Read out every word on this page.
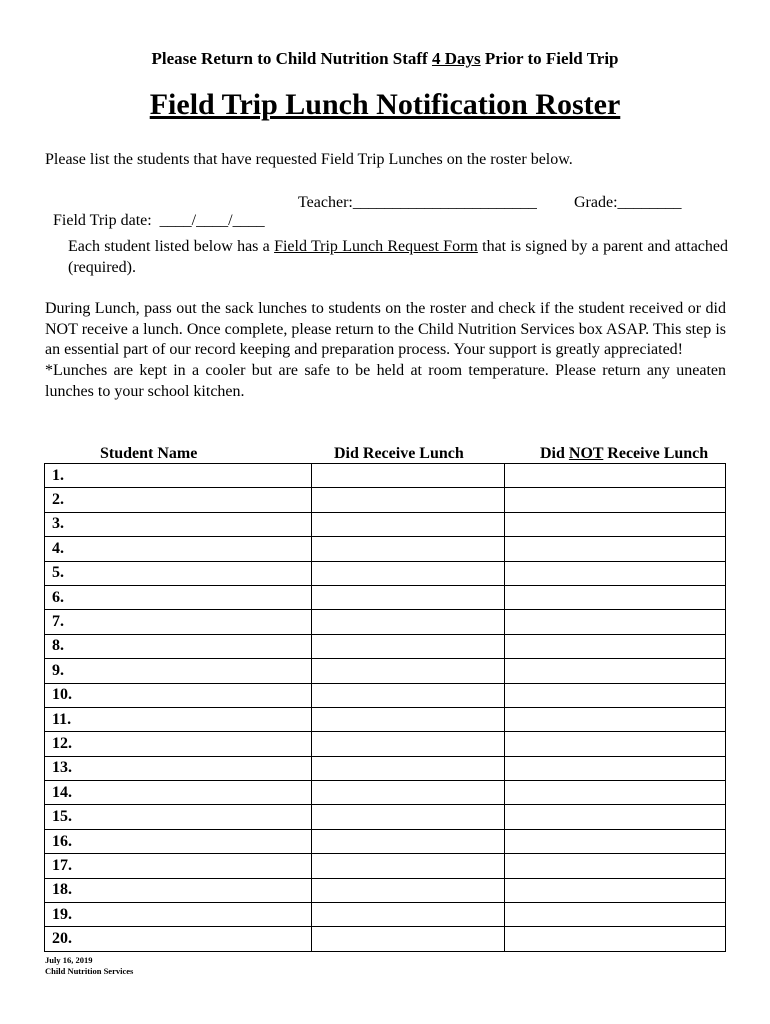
Please Return to Child Nutrition Staff 4 Days Prior to Field Trip
Field Trip Lunch Notification Roster
Please list the students that have requested Field Trip Lunches on the roster below.

Field Trip date:  ____/____/____

Teacher:_______________________

Grade:________

Each student listed below has a Field Trip Lunch Request Form that is signed by a parent and attached (required).

During Lunch, pass out the sack lunches to students on the roster and check if the student received or did NOT receive a lunch. Once complete, please return to the Child Nutrition Services box ASAP. This step is an essential part of our record keeping and preparation process. Your support is greatly appreciated!

*Lunches are kept in a cooler but are safe to be held at room temperature. Please return any uneaten lunches to your school kitchen.

Student Name	Did Receive Lunch	Did NOT Receive Lunch
1.		
2.		
3.		
4.		
5.		
6.		
7.		
8.		
9.		
10.		
11.		
12.		
13.		
14.		
15.		
16.		
17.		
18.		
19.		
20.		
July 16, 2019
Child Nutrition Services
